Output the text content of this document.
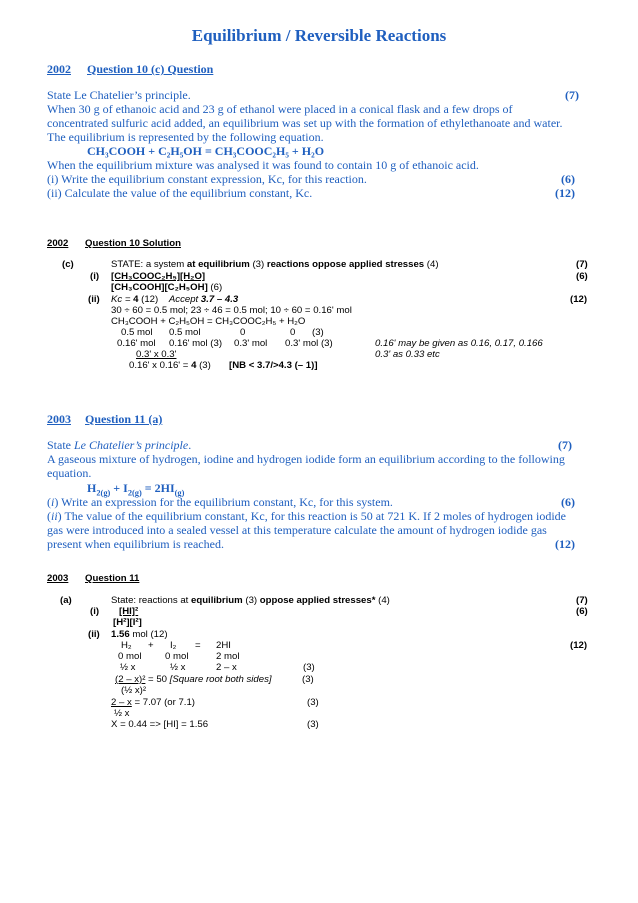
Equilibrium / Reversible Reactions
2002 Question 10 (c) Question
State Le Chatelier’s principle.	(7)
When 30 g of ethanoic acid and 23 g of ethanol were placed in a conical flask and a few drops of
concentrated sulfuric acid added, an equilibrium was set up with the formation of ethylethanoate and water.
The equilibrium is represented by the following equation.
CH₃COOH + C₂H₅OH = CH₃COOC₂H₅ + H₂O
When the equilibrium mixture was analysed it was found to contain 10 g of ethanoic acid.
(i) Write the equilibrium constant expression, Kc, for this reaction.	(6)
(ii) Calculate the value of the equilibrium constant, Kc.	(12)
2002 Question 10 Solution
(c)	STATE: a system at equilibrium (3) reactions oppose applied stresses (4)	(7)
(i) [CH₃COOC₂H₅][H₂O]	(6)
[CH₃COOH][C₂H₅OH] (6)
(ii) Kc = 4 (12) Accept 3.7 – 4.3	(12)
30 ÷ 60 = 0.5 mol; 23 ÷ 46 = 0.5 mol; 10 ÷ 60 = 0.16' mol
CH₃COOH + C₂H₅OH = CH₃COOC₂H₅ + H₂O
0.5 mol 0.5 mol	0	0 (3)
0.16' mol 0.16' mol (3) 0.3' mol 0.3' mol (3)	0.16' may be given as 0.16, 0.17, 0.166
0.3' x 0.3'	0.3' as 0.33 etc
0.16' x 0.16' = 4 (3) [NB < 3.7/>4.3 (– 1)]
2003 Question 11 (a)
State Le Chatelier’s principle.	(7)
A gaseous mixture of hydrogen, iodine and hydrogen iodide form an equilibrium according to the following
equation.
$H_{2(g)} + I_{2(g)} = 2HI_{(g)}$
(i) Write an expression for the equilibrium constant, Kc, for this system.	(6)
(ii) The value of the equilibrium constant, Kc, for this reaction is 50 at 721 K. If 2 moles of hydrogen iodide
gas were introduced into a sealed vessel at this temperature calculate the amount of hydrogen iodide gas
present when equilibrium is reached.	(12)
2003 Question 11
(a)	State: reactions at equilibrium (3) oppose applied stresses* (4)	(7)
(i) [HI]²	(6)
[H²][I²]
(ii) 1.56 mol (12)
H₂ + I₂ = 2HI	(12)
0 mol 0 mol	2 mol
½ x	½ x	2 – x	(3)
(2 – x)² = 50 [Square root both sides]	(3)
(½ x)²
2 – x = 7.07 (or 7.1)	(3)
½ x
X = 0.44 => [HI] = 1.56	(3)
